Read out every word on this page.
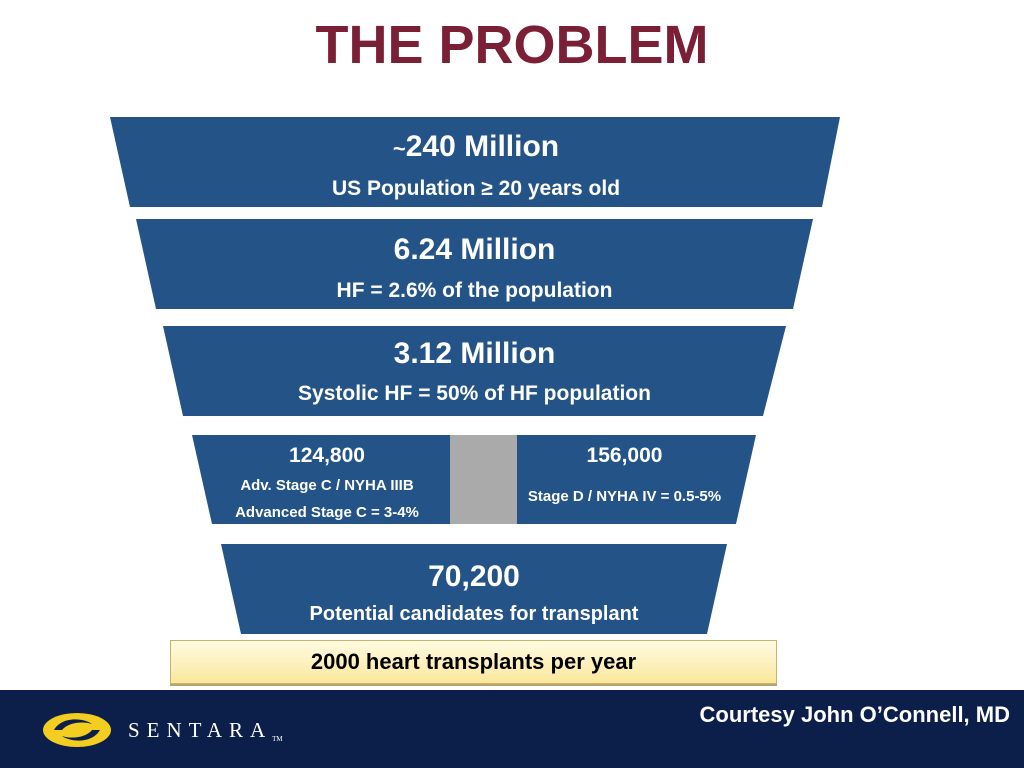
THE PROBLEM
~240 Million
US Population ≥ 20 years old
6.24 Million
HF = 2.6% of the population
3.12 Million
Systolic HF = 50% of HF population
124,800
Adv. Stage C / NYHA IIIB
Advanced Stage C = 3-4%
156,000
Stage D / NYHA IV = 0.5-5%
70,200
Potential candidates for transplant
2000 heart transplants per year
SENTARATM
Courtesy John O’Connell, MD
